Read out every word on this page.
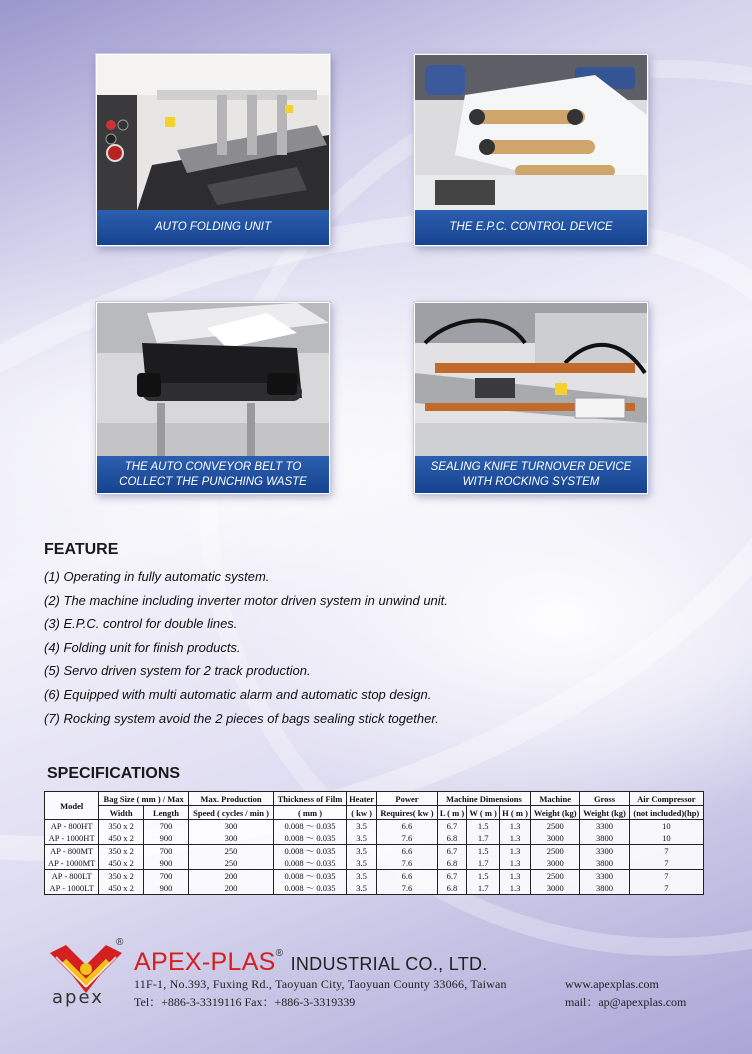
AUTO FOLDING UNIT	THE E.P.C. CONTROL DEVICE
THE AUTO CONVEYOR BELT TO
COLLECT THE PUNCHING WASTE
SEALING KNIFE TURNOVER DEVICE
WITH ROCKING SYSTEM
FEATURE
(1) Operating in fully automatic system.
(2) The machine including inverter motor driven system in unwind unit.
(3) E.P.C. control for double lines.
(4) Folding unit for finish products.
(5) Servo driven system for 2 track production.
(6) Equipped with multi automatic alarm and automatic stop design.
(7) Rocking system avoid the 2 pieces of bags sealing stick together.
SPECIFICATIONS
Model	Bag Size ( mm ) / Max		Max. Production	Thickness of Film	Heater	Power	Machine Dimensions			Machine	Gross	Air Compressor
	Width	Length	Speed ( cycles / min )	( mm )	( kw )	Requires( kw )	L ( m )	W ( m )	H ( m )	Weight (kg)	Weight (kg)	(not included)(hp)
AP - 800HT	350 x 2	700	300	0.008 ～ 0.035	3.5	6.6	6.7	1.5	1.3	2500	3300	10
AP - 1000HT	450 x 2	900	300	0.008 ～ 0.035	3.5	7.6	6.8	1.7	1.3	3000	3800	10
AP - 800MT	350 x 2	700	250	0.008 ～ 0.035	3.5	6.6	6.7	1.5	1.3	2500	3300	7
AP - 1000MT	450 x 2	900	250	0.008 ～ 0.035	3.5	7.6	6.8	1.7	1.3	3000	3800	7
AP - 800LT	350 x 2	700	200	0.008 ～ 0.035	3.5	6.6	6.7	1.5	1.3	2500	3300	7
AP - 1000LT	450 x 2	900	200	0.008 ～ 0.035	3.5	7.6	6.8	1.7	1.3	3000	3800	7
®
apex
APEX-PLAS® INDUSTRIAL CO., LTD.
11F-1, No.393, Fuxing Rd., Taoyuan City, Taoyuan County 33066, Taiwan
Tel：+886-3-3319116 Fax：+886-3-3319339
www.apexplas.com
mail：ap@apexplas.com
